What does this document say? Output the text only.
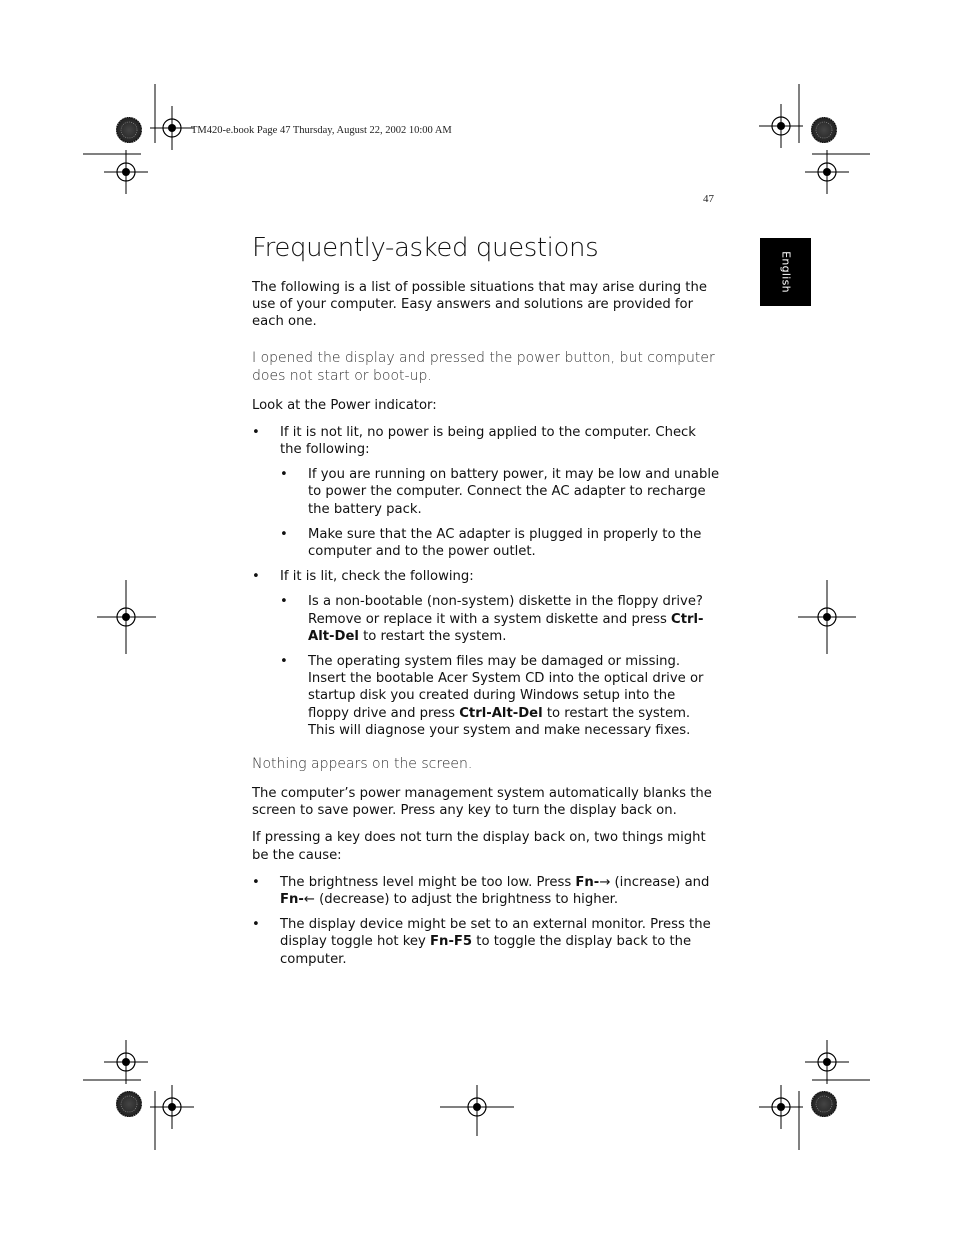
TM420-e.book Page 47 Thursday, August 22, 2002 10:00 AM
47
English
Frequently-asked questions

The following is a list of possible situations that may arise during the use of your computer. Easy answers and solutions are provided for each one.

I opened the display and pressed the power button, but computer does not start or boot-up.

Look at the Power indicator:

• If it is not lit, no power is being applied to the computer. Check the following:
• If you are running on battery power, it may be low and unable to power the computer. Connect the AC adapter to recharge the battery pack.
• Make sure that the AC adapter is plugged in properly to the computer and to the power outlet.
• If it is lit, check the following:
• Is a non-bootable (non-system) diskette in the floppy drive? Remove or replace it with a system diskette and press Ctrl-Alt-Del to restart the system.
• The operating system files may be damaged or missing. Insert the bootable Acer System CD into the optical drive or startup disk you created during Windows setup into the floppy drive and press Ctrl-Alt-Del to restart the system. This will diagnose your system and make necessary fixes.

Nothing appears on the screen.

The computer’s power management system automatically blanks the screen to save power. Press any key to turn the display back on.

If pressing a key does not turn the display back on, two things might be the cause:

• The brightness level might be too low. Press Fn-→ (increase) and Fn-← (decrease) to adjust the brightness to higher.
• The display device might be set to an external monitor. Press the display toggle hot key Fn-F5 to toggle the display back to the computer.
